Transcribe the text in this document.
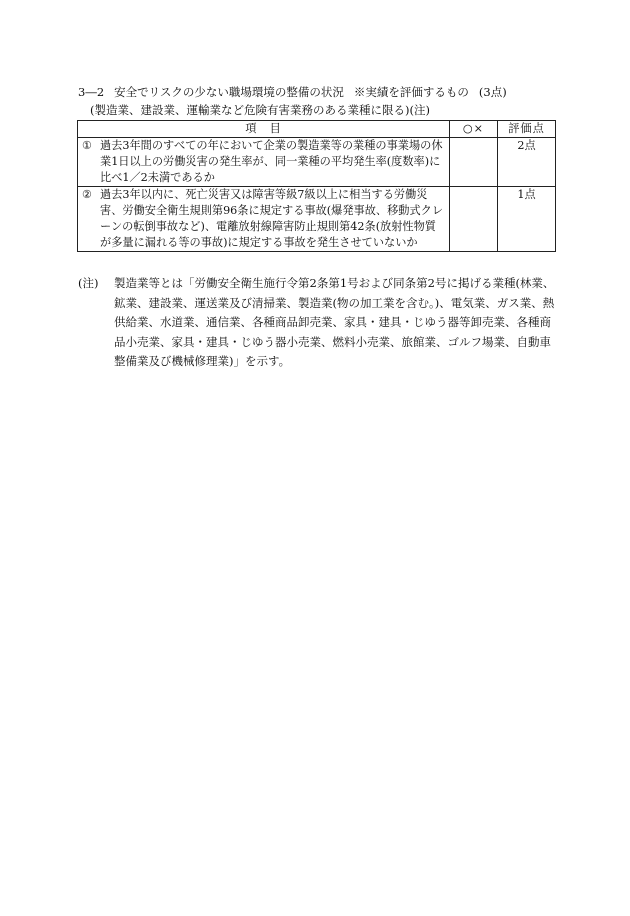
3―2 安全でリスクの少ない職場環境の整備の状況 ※実績を評価するもの (3点)
(製造業、建設業、運輸業など危険有害業務のある業種に限る)(注)
項　目	○×	評価点

① 過去3年間のすべての年において企業の製造業等の業種の事業場の休業1日以上の労働災害の発生率が、同一業種の平均発生率(度数率)に比べ1／2未満であるか		2点

② 過去3年以内に、死亡災害又は障害等級7級以上に相当する労働災害、労働安全衛生規則第96条に規定する事故(爆発事故、移動式クレーンの転倒事故など)、電離放射線障害防止規則第42条(放射性物質が多量に漏れる等の事故)に規定する事故を発生させていないか		1点
(注)	製造業等とは「労働安全衛生施行令第2条第1号および同条第2号に掲げる業種(林業、鉱業、建設業、運送業及び清掃業、製造業(物の加工業を含む。)、電気業、ガス業、熱供給業、水道業、通信業、各種商品卸売業、家具・建具・じゆう器等卸売業、各種商品小売業、家具・建具・じゆう器小売業、燃料小売業、旅館業、ゴルフ場業、自動車整備業及び機械修理業)」を示す。
